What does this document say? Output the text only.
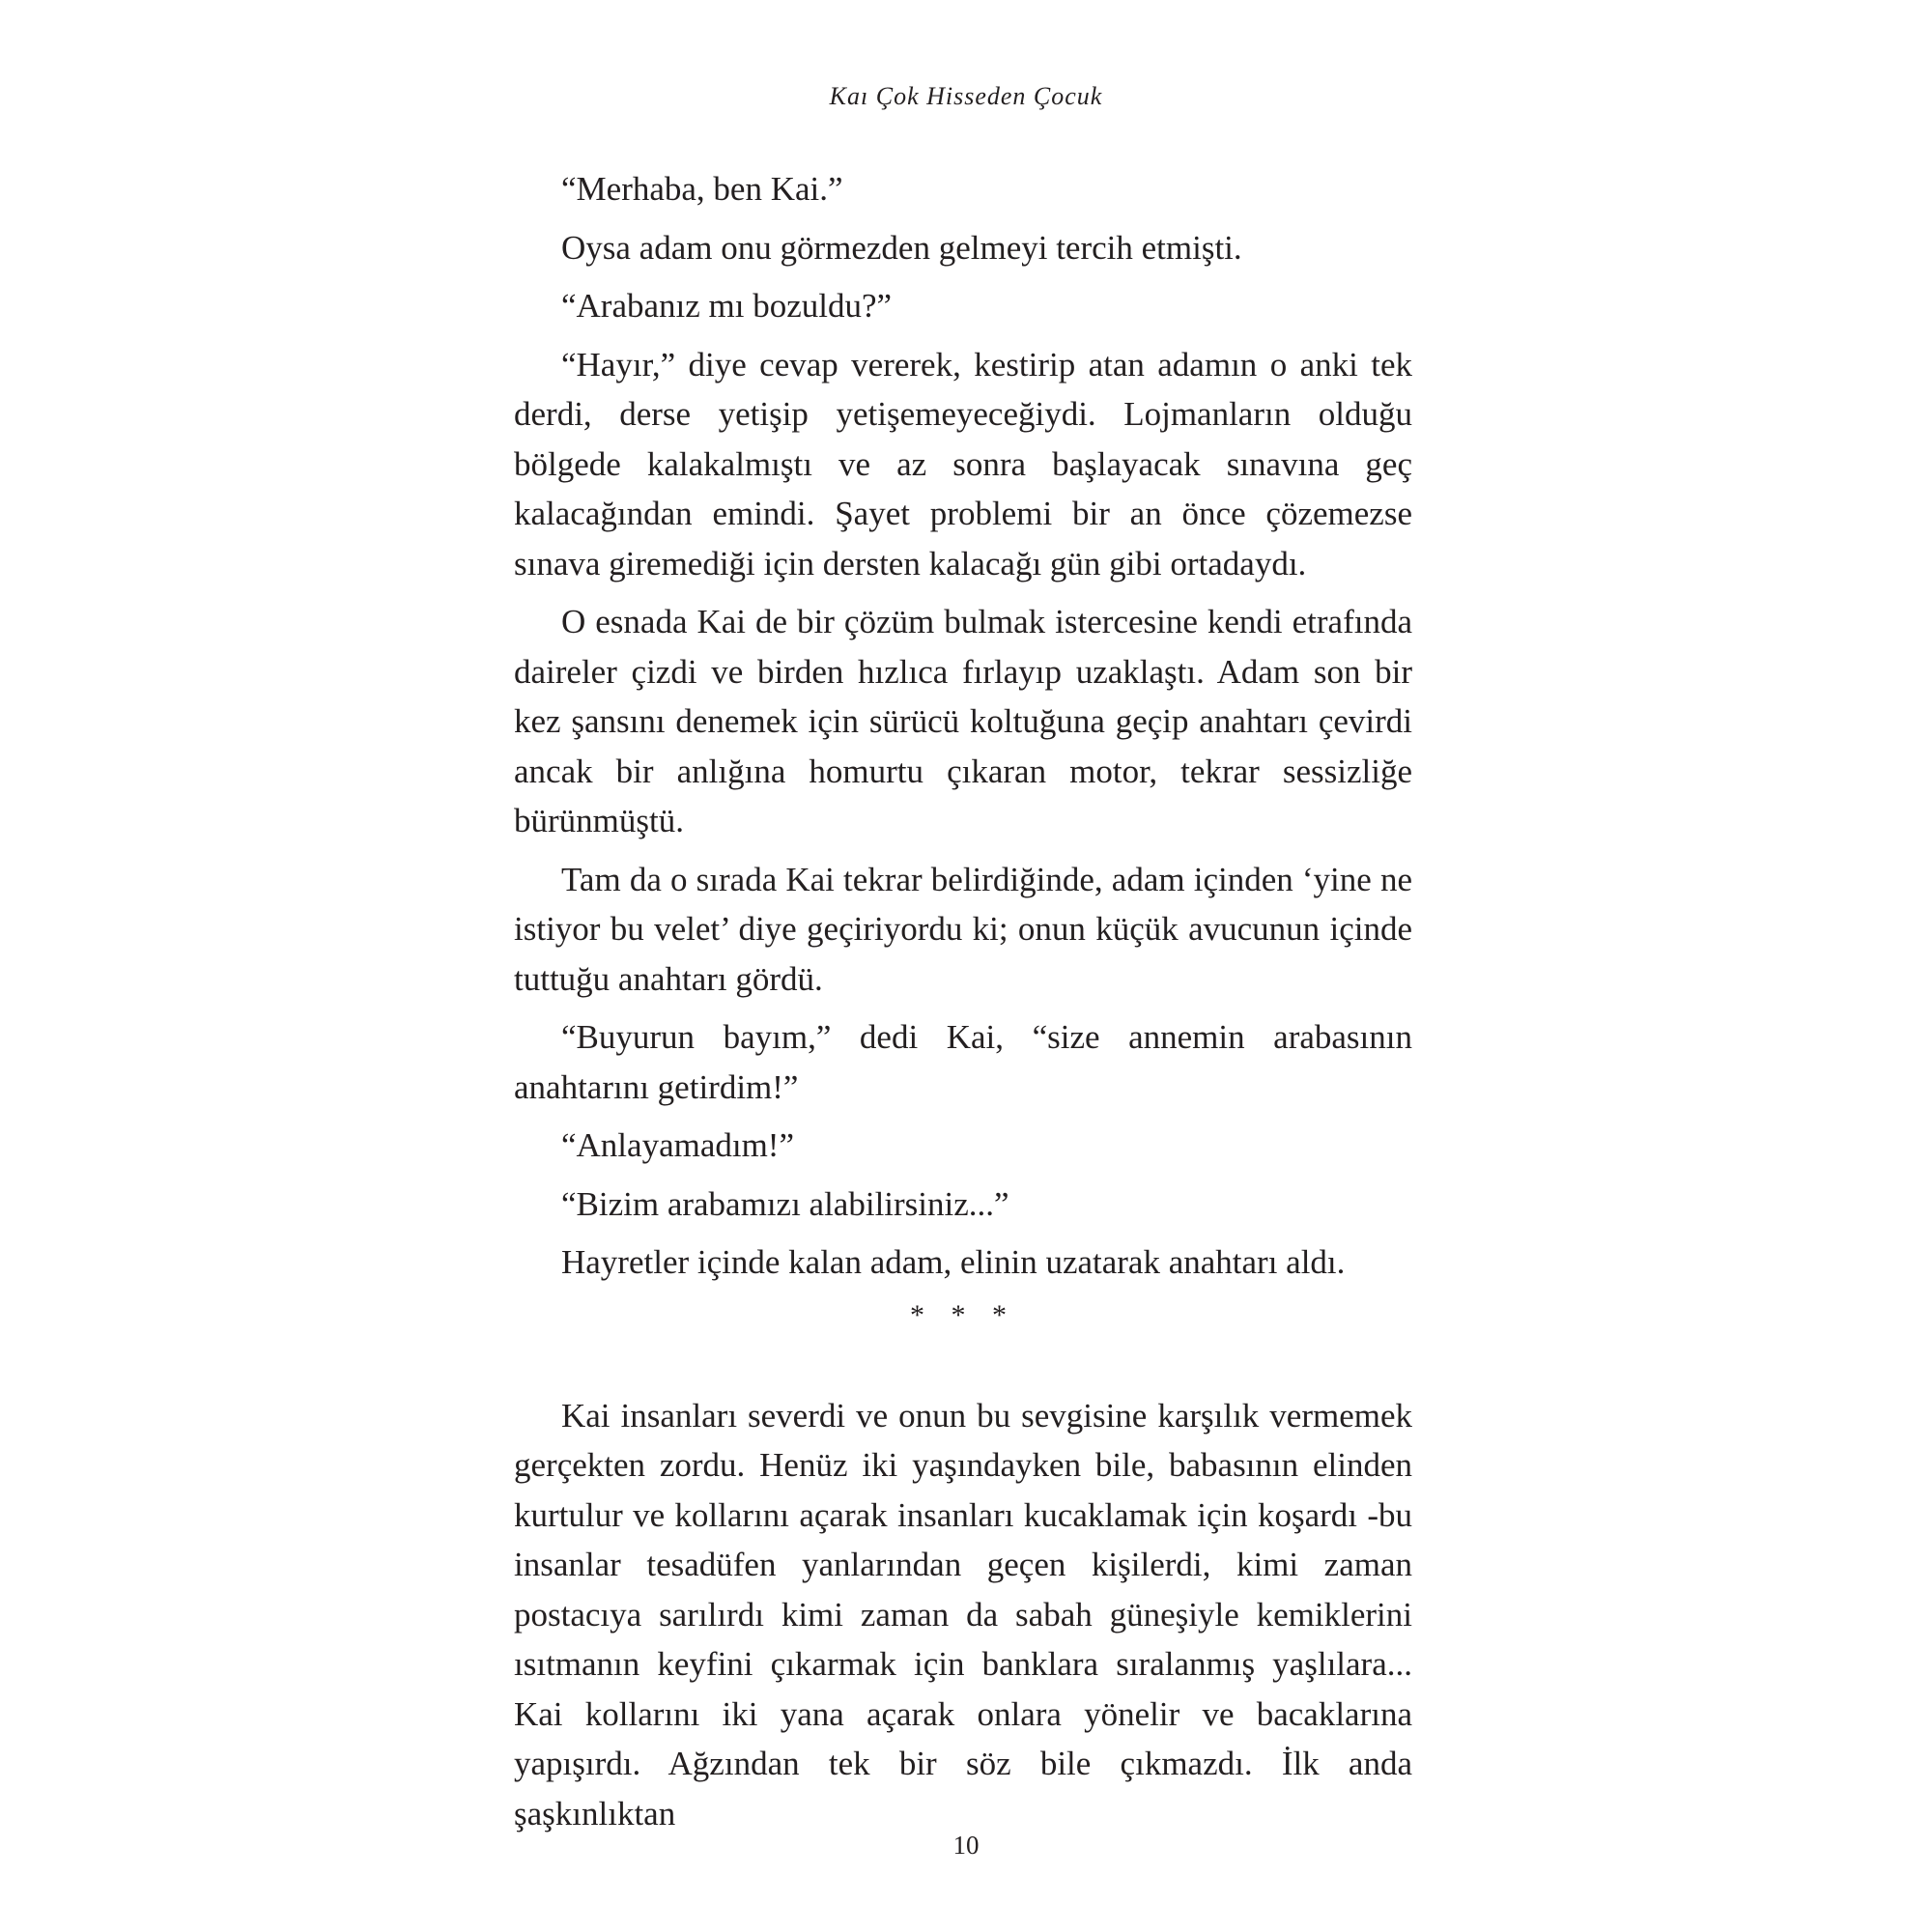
Kaı Çok Hisseden Çocuk

“Merhaba, ben Kai.”

Oysa adam onu görmezden gelmeyi tercih etmişti.

“Arabanız mı bozuldu?”

“Hayır,” diye cevap vererek, kestirip atan adamın o anki tek derdi, derse yetişip yetişemeyeceğiydi. Lojmanların olduğu bölgede kalakalmıştı ve az sonra başlayacak sınavına geç kalacağından emindi. Şayet problemi bir an önce çözemezse sınava giremediği için dersten kalacağı gün gibi ortadaydı.

O esnada Kai de bir çözüm bulmak istercesine kendi etrafında daireler çizdi ve birden hızlıca fırlayıp uzaklaştı. Adam son bir kez şansını denemek için sürücü koltuğuna geçip anahtarı çevirdi ancak bir anlığına homurtu çıkaran motor, tekrar sessizliğe bürünmüştü.

Tam da o sırada Kai tekrar belirdiğinde, adam içinden ‘yine ne istiyor bu velet’ diye geçiriyordu ki; onun küçük avucunun içinde tuttuğu anahtarı gördü.

“Buyurun bayım,” dedi Kai, “size annemin arabasının anahtarını getirdim!”

“Anlayamadım!”

“Bizim arabamızı alabilirsiniz...”

Hayretler içinde kalan adam, elinin uzatarak anahtarı aldı.

* * *

Kai insanları severdi ve onun bu sevgisine karşılık vermemek gerçekten zordu. Henüz iki yaşındayken bile, babasının elinden kurtulur ve kollarını açarak insanları kucaklamak için koşardı -bu insanlar tesadüfen yanlarından geçen kişilerdi, kimi zaman postacıya sarılırdı kimi zaman da sabah güneşiyle kemiklerini ısıtmanın keyfini çıkarmak için banklara sıralanmış yaşlılara... Kai kollarını iki yana açarak onlara yönelir ve bacaklarına yapışırdı. Ağzından tek bir söz bile çıkmazdı. İlk anda şaşkınlıktan

10
